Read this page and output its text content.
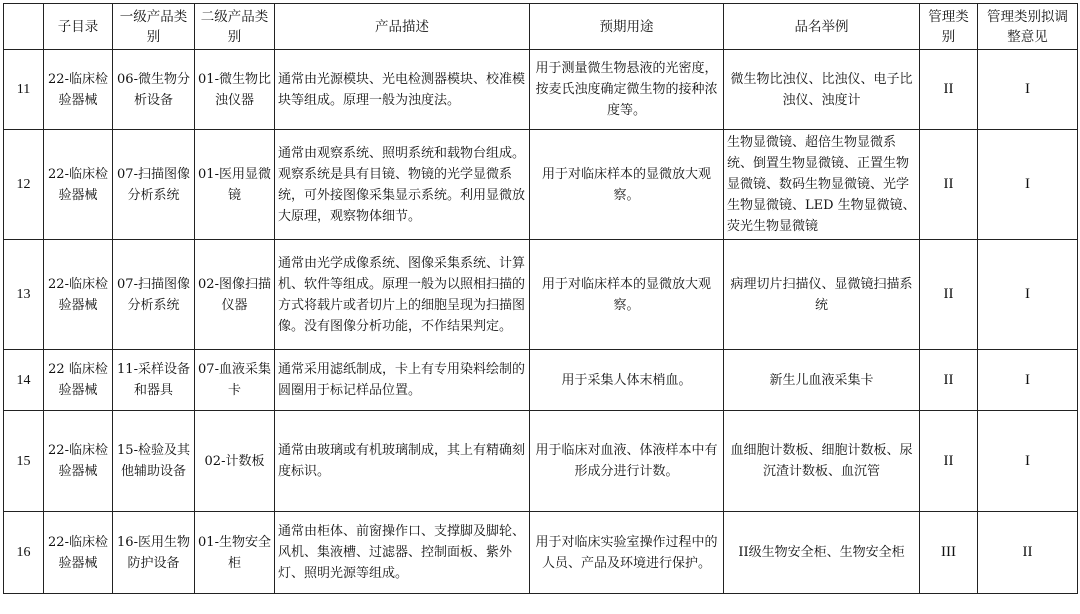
	子目录	一级产品类别	二级产品类别	产品描述	预期用途	品名举例	管理类别	管理类别拟调整意见
11	22-临床检验器械	06-微生物分析设备	01-微生物比浊仪器	通常由光源模块、光电检测器模块、校准模块等组成。原理一般为浊度法。	用于测量微生物悬液的光密度，按麦氏浊度确定微生物的接种浓度等。	微生物比浊仪、比浊仪、电子比浊仪、浊度计	II	I
12	22-临床检验器械	07-扫描图像分析系统	01-医用显微镜	通常由观察系统、照明系统和载物台组成。观察系统是具有目镜、物镜的光学显微系统，可外接图像采集显示系统。利用显微放大原理，观察物体细节。	用于对临床样本的显微放大观察。	生物显微镜、超倍生物显微系统、倒置生物显微镜、正置生物显微镜、数码生物显微镜、光学生物显微镜、LED 生物显微镜、荧光生物显微镜	II	I
13	22-临床检验器械	07-扫描图像分析系统	02-图像扫描仪器	通常由光学成像系统、图像采集系统、计算机、软件等组成。原理一般为以照相扫描的方式将载片或者切片上的细胞呈现为扫描图像。没有图像分析功能，不作结果判定。	用于对临床样本的显微放大观察。	病理切片扫描仪、显微镜扫描系统	II	I
14	22 临床检验器械	11-采样设备和器具	07-血液采集卡	通常采用滤纸制成，卡上有专用染料绘制的圆圈用于标记样品位置。	用于采集人体末梢血。	新生儿血液采集卡	II	I
15	22-临床检验器械	15-检验及其他辅助设备	02-计数板	通常由玻璃或有机玻璃制成，其上有精确刻度标识。	用于临床对血液、体液样本中有形成分进行计数。	血细胞计数板、细胞计数板、尿沉渣计数板、血沉管	II	I
16	22-临床检验器械	16-医用生物防护设备	01-生物安全柜	通常由柜体、前窗操作口、支撑脚及脚轮、风机、集液槽、过滤器、控制面板、紫外灯、照明光源等组成。	用于对临床实验室操作过程中的人员、产品及环境进行保护。	II级生物安全柜、生物安全柜	III	II
